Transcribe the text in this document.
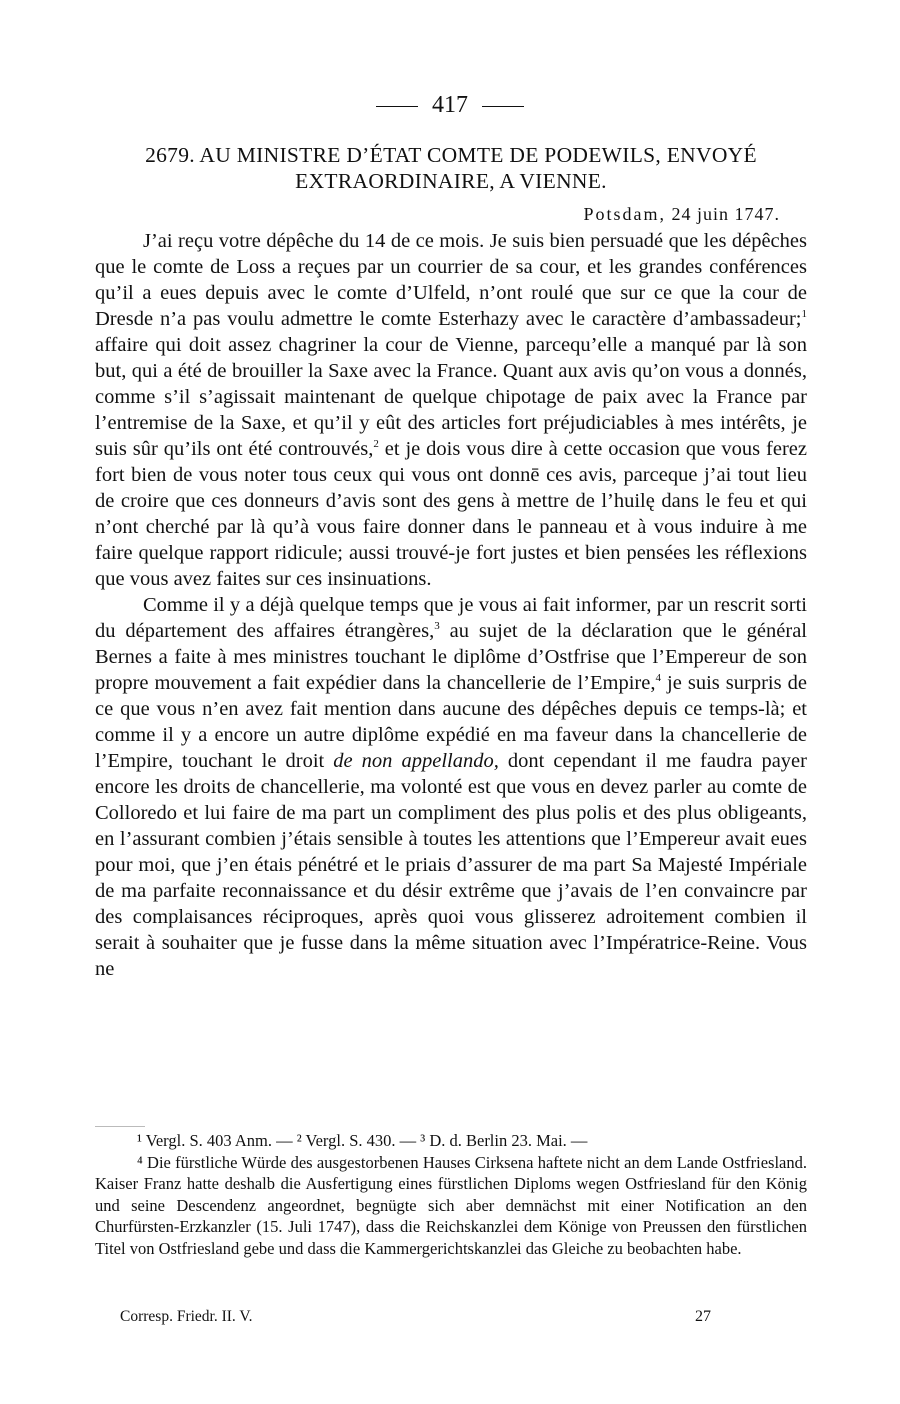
417
2679. AU MINISTRE D’ÉTAT COMTE DE PODEWILS, ENVOYÉ
EXTRAORDINAIRE, A VIENNE.
Potsdam, 24 juin 1747.

J’ai reçu votre dépêche du 14 de ce mois. Je suis bien persuadé que les dépêches que le comte de Loss a reçues par un courrier de sa cour, et les grandes conférences qu’il a eues depuis avec le comte d’Ulfeld, n’ont roulé que sur ce que la cour de Dresde n’a pas voulu admettre le comte Esterhazy avec le caractère d’ambassadeur;$^1$ affaire qui doit assez chagriner la cour de Vienne, parcequ’elle a manqué par là son but, qui a été de brouiller la Saxe avec la France. Quant aux avis qu’on vous a donnés, comme s’il s’agissait maintenant de quelque chipotage de paix avec la France par l’entremise de la Saxe, et qu’il y eût des articles fort préjudiciables à mes intérêts, je suis sûr qu’ils ont été controuvés,$^2$ et je dois vous dire à cette occasion que vous ferez fort bien de vous noter tous ceux qui vous ont donnē ces avis, parceque j’ai tout lieu de croire que ces donneurs d’avis sont des gens à mettre de l’huilę dans le feu et qui n’ont cherché par là qu’à vous faire donner dans le panneau et à vous induire à me faire quelque rapport ridicule; aussi trouvé-je fort justes et bien pensées les réflexions que vous avez faites sur ces insinuations.

Comme il y a déjà quelque temps que je vous ai fait informer, par un rescrit sorti du département des affaires étrangères,$^3$ au sujet de la déclaration que le général Bernes a faite à mes ministres touchant le diplôme d’Ostfrise que l’Empereur de son propre mouvement a fait expédier dans la chancellerie de l’Empire,$^4$ je suis surpris de ce que vous n’en avez fait mention dans aucune des dépêches depuis ce temps-là; et comme il y a encore un autre diplôme expédié en ma faveur dans la chancellerie de l’Empire, touchant le droit de non appellando, dont cependant il me faudra payer encore les droits de chancellerie, ma volonté est que vous en devez parler au comte de Colloredo et lui faire de ma part un compliment des plus polis et des plus obligeants, en l’assurant combien j’étais sensible à toutes les attentions que l’Empereur avait eues pour moi, que j’en étais pénétré et le priais d’assurer de ma part Sa Majesté Impériale de ma parfaite reconnaissance et du désir extrême que j’avais de l’en convaincre par des complaisances réciproques, après quoi vous glisserez adroitement combien il serait à souhaiter que je fusse dans la même situation avec l’Impératrice-Reine. Vous ne

¹ Vergl. S. 403 Anm. — ² Vergl. S. 430. — ³ D. d. Berlin 23. Mai. —

⁴ Die fürstliche Würde des ausgestorbenen Hauses Cirksena haftete nicht an dem Lande Ostfriesland. Kaiser Franz hatte deshalb die Ausfertigung eines fürstlichen Diploms wegen Ostfriesland für den König und seine Descendenz angeordnet, begnügte sich aber demnächst mit einer Notification an den Churfürsten-Erzkanzler (15. Juli 1747), dass die Reichskanzlei dem Könige von Preussen den fürstlichen Titel von Ostfriesland gebe und dass die Kammergerichtskanzlei das Gleiche zu beobachten habe.

Corresp. Friedr. II. V.	27
